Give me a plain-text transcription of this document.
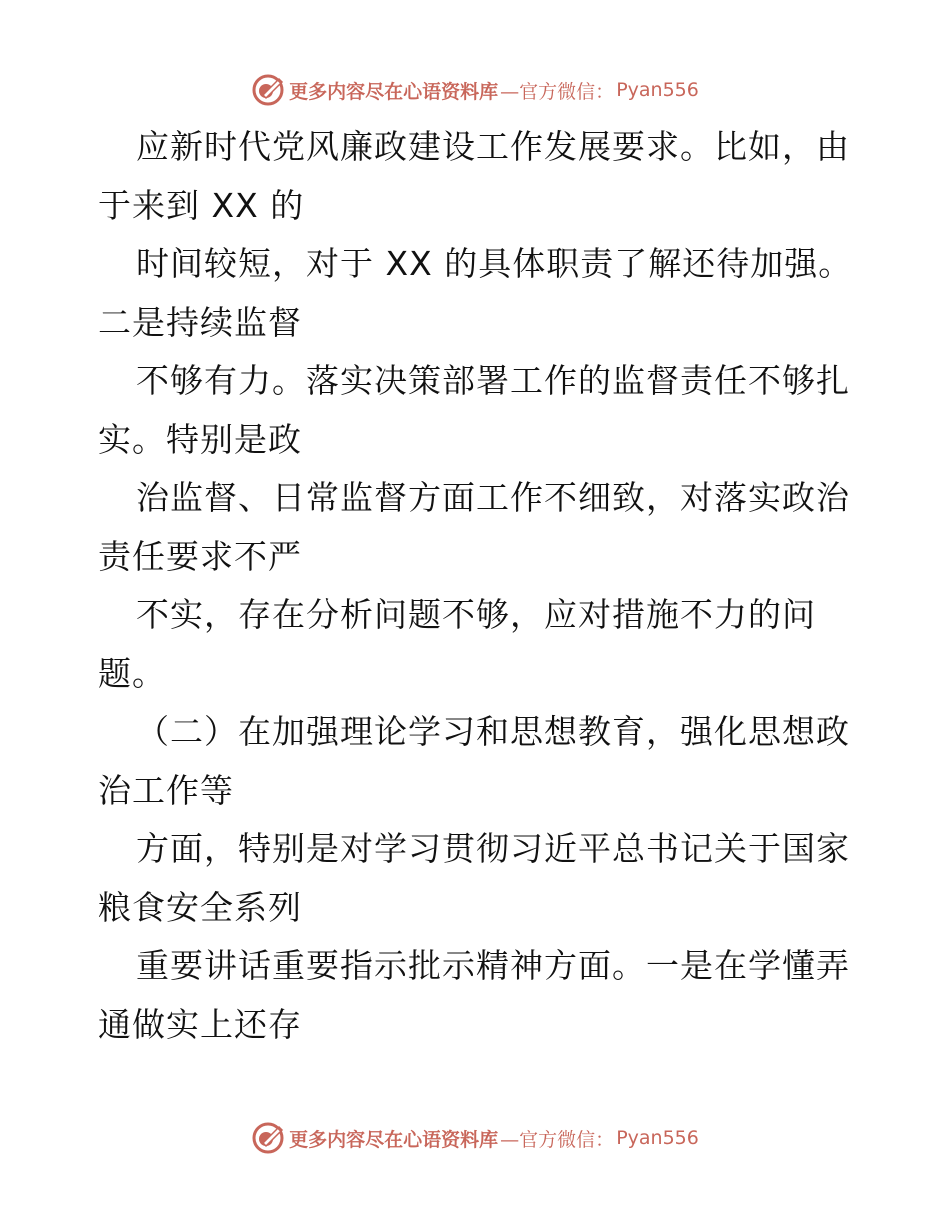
更多内容尽在心语资料库 —官方微信： Pyan556
应新时代党风廉政建设工作发展要求。比如，由
于来到 XX 的
时间较短，对于 XX 的具体职责了解还待加强。
二是持续监督
不够有力。落实决策部署工作的监督责任不够扎
实。特别是政
治监督、日常监督方面工作不细致，对落实政治
责任要求不严
不实，存在分析问题不够，应对措施不力的问
题。
（二）在加强理论学习和思想教育，强化思想政
治工作等
方面，特别是对学习贯彻习近平总书记关于国家
粮食安全系列
重要讲话重要指示批示精神方面。一是在学懂弄
通做实上还存
更多内容尽在心语资料库 —官方微信： Pyan556
